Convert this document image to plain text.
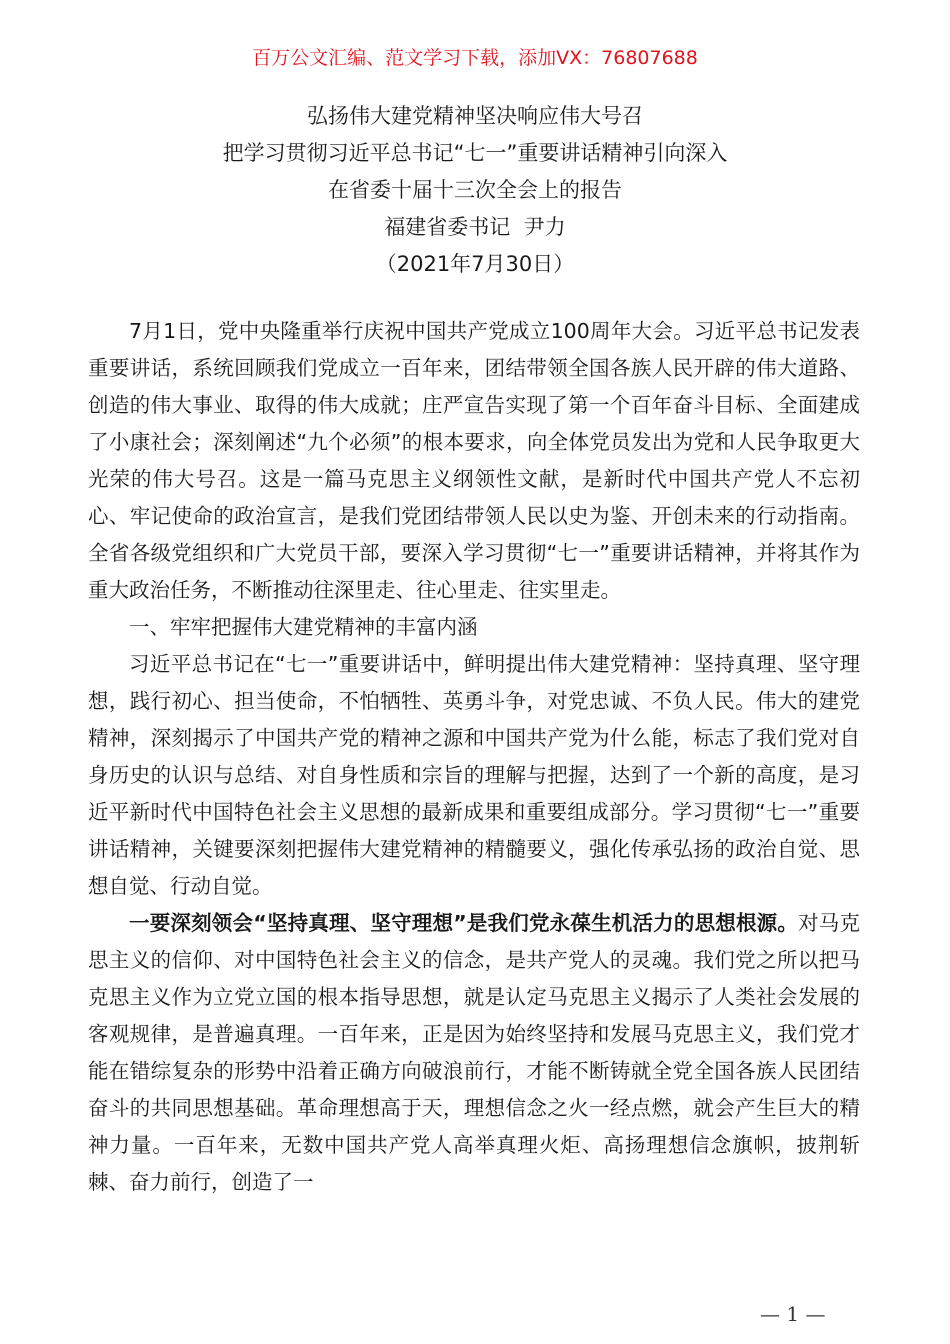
百万公文汇编、范文学习下载，添加VX：76807688
弘扬伟大建党精神坚决响应伟大号召
把学习贯彻习近平总书记“七一”重要讲话精神引向深入
在省委十届十三次全会上的报告
福建省委书记  尹力
（2021年7月30日）

7月1日，党中央隆重举行庆祝中国共产党成立100周年大会。习近平总书记发表重要讲话，系统回顾我们党成立一百年来，团结带领全国各族人民开辟的伟大道路、创造的伟大事业、取得的伟大成就；庄严宣告实现了第一个百年奋斗目标、全面建成了小康社会；深刻阐述“九个必须”的根本要求，向全体党员发出为党和人民争取更大光荣的伟大号召。这是一篇马克思主义纲领性文献，是新时代中国共产党人不忘初心、牢记使命的政治宣言，是我们党团结带领人民以史为鉴、开创未来的行动指南。全省各级党组织和广大党员干部，要深入学习贯彻“七一”重要讲话精神，并将其作为重大政治任务，不断推动往深里走、往心里走、往实里走。

一、牢牢把握伟大建党精神的丰富内涵

习近平总书记在“七一”重要讲话中，鲜明提出伟大建党精神：坚持真理、坚守理想，践行初心、担当使命，不怕牺牲、英勇斗争，对党忠诚、不负人民。伟大的建党精神，深刻揭示了中国共产党的精神之源和中国共产党为什么能，标志了我们党对自身历史的认识与总结、对自身性质和宗旨的理解与把握，达到了一个新的高度，是习近平新时代中国特色社会主义思想的最新成果和重要组成部分。学习贯彻“七一”重要讲话精神，关键要深刻把握伟大建党精神的精髓要义，强化传承弘扬的政治自觉、思想自觉、行动自觉。

一要深刻领会“坚持真理、坚守理想”是我们党永葆生机活力的思想根源。对马克思主义的信仰、对中国特色社会主义的信念，是共产党人的灵魂。我们党之所以把马克思主义作为立党立国的根本指导思想，就是认定马克思主义揭示了人类社会发展的客观规律，是普遍真理。一百年来，正是因为始终坚持和发展马克思主义，我们党才能在错综复杂的形势中沿着正确方向破浪前行，才能不断铸就全党全国各族人民团结奋斗的共同思想基础。革命理想高于天，理想信念之火一经点燃，就会产生巨大的精神力量。一百年来，无数中国共产党人高举真理火炬、高扬理想信念旗帜，披荆斩棘、奋力前行，创造了一

— 1 —
